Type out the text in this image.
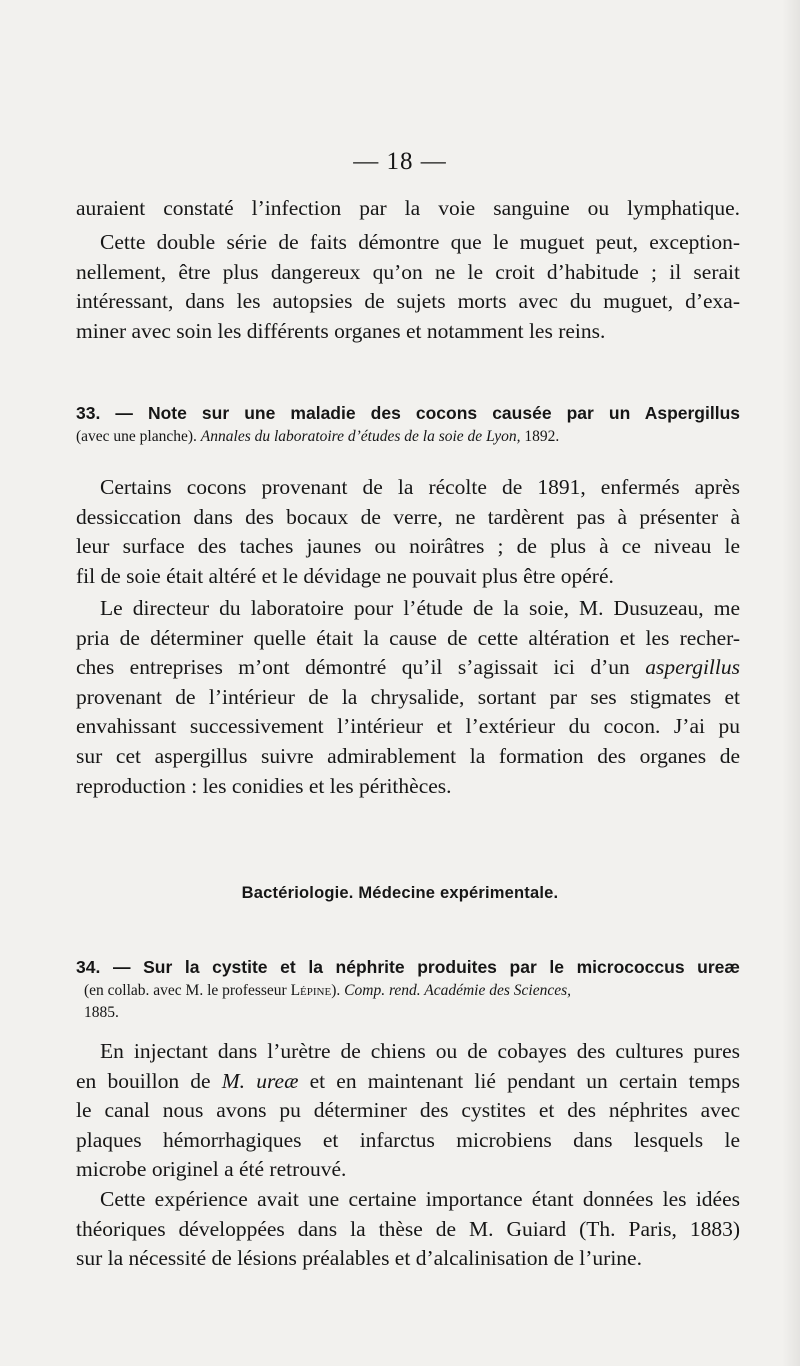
— 18 —
auraient constaté l’infection par la voie sanguine ou lymphatique.
Cette double série de faits démontre que le muguet peut, exception-
nellement, être plus dangereux qu’on ne le croit d’habitude ; il serait
intéressant, dans les autopsies de sujets morts avec du muguet, d’exa-
miner avec soin les différents organes et notamment les reins.
33. — Note sur une maladie des cocons causée par un Aspergillus
(avec une planche). Annales du laboratoire d’études de la soie de Lyon, 1892.
Certains cocons provenant de la récolte de 1891, enfermés après
dessiccation dans des bocaux de verre, ne tardèrent pas à présenter à
leur surface des taches jaunes ou noirâtres ; de plus à ce niveau le
fil de soie était altéré et le dévidage ne pouvait plus être opéré.
Le directeur du laboratoire pour l’étude de la soie, M. Dusuzeau, me
pria de déterminer quelle était la cause de cette altération et les recher-
ches entreprises m’ont démontré qu’il s’agissait ici d’un aspergillus
provenant de l’intérieur de la chrysalide, sortant par ses stigmates et
envahissant successivement l’intérieur et l’extérieur du cocon. J’ai pu
sur cet aspergillus suivre admirablement la formation des organes de
reproduction : les conidies et les périthèces.
Bactériologie. Médecine expérimentale.
34. — Sur la cystite et la néphrite produites par le micrococcus ureæ
(en collab. avec M. le professeur Lépine). Comp. rend. Académie des Sciences,
1885.
En injectant dans l’urètre de chiens ou de cobayes des cultures pures
en bouillon de M. ureæ et en maintenant lié pendant un certain temps
le canal nous avons pu déterminer des cystites et des néphrites avec
plaques hémorrhagiques et infarctus microbiens dans lesquels le
microbe originel a été retrouvé.
Cette expérience avait une certaine importance étant données les idées
théoriques développées dans la thèse de M. Guiard (Th. Paris, 1883)
sur la nécessité de lésions préalables et d’alcalinisation de l’urine.
